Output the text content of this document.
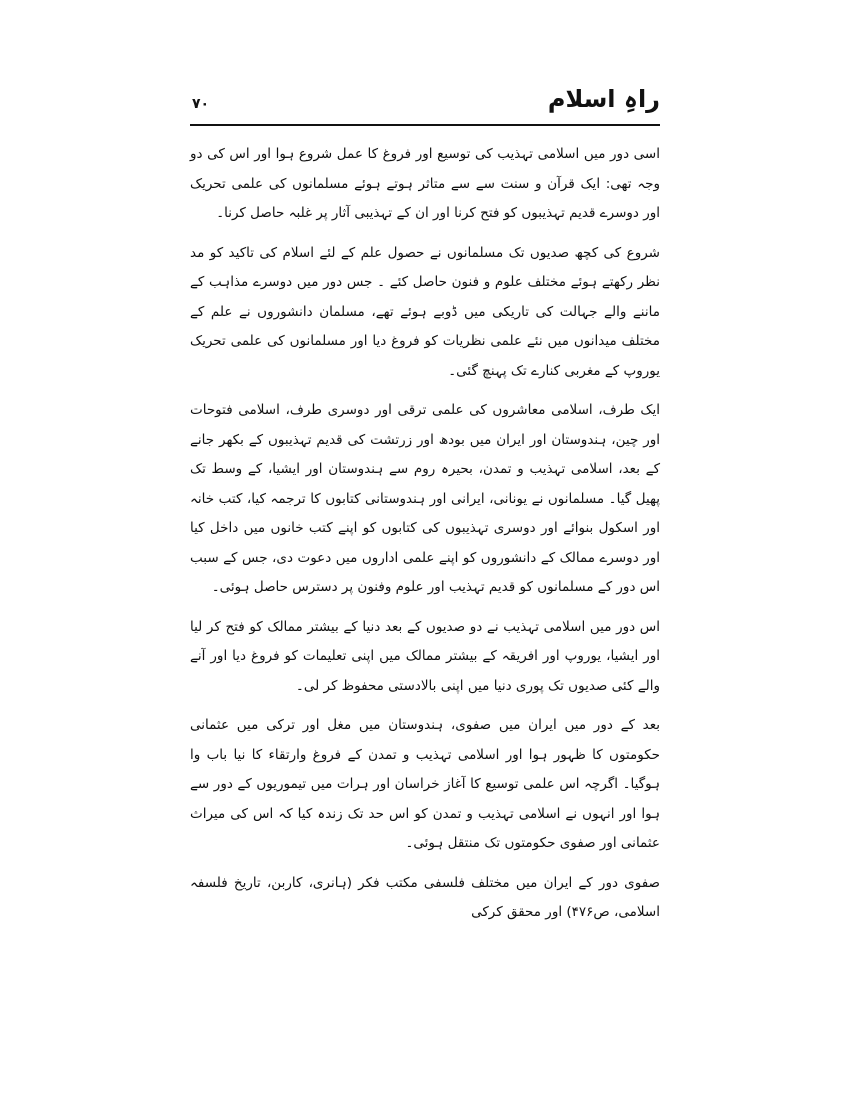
راہِ اسلام
۷۰

اسی دور میں اسلامی تہذیب کی توسیع اور فروغ کا عمل شروع ہوا اور اس کی دو وجہ تھی: ایک قرآن و سنت سے سے متاثر ہوتے ہوئے مسلمانوں کی علمی تحریک اور دوسرے قدیم تہذیبوں کو فتح کرنا اور ان کے تہذیبی آثار پر غلبہ حاصل کرنا۔

شروع کی کچھ صدیوں تک مسلمانوں نے حصول علم کے لئے اسلام کی تاکید کو مد نظر رکھتے ہوئے مختلف علوم و فنون حاصل کئے ۔ جس دور میں دوسرے مذاہب کے ماننے والے جہالت کی تاریکی میں ڈوبے ہوئے تھے، مسلمان دانشوروں نے علم کے مختلف میدانوں میں نئے علمی نظریات کو فروغ دیا اور مسلمانوں کی علمی تحریک یوروپ کے مغربی کنارے تک پہنچ گئی۔

ایک طرف، اسلامی معاشروں کی علمی ترقی اور دوسری طرف، اسلامی فتوحات اور چین، ہندوستان اور ایران میں بودھ اور زرتشت کی قدیم تہذیبوں کے بکھر جانے کے بعد، اسلامی تہذیب و تمدن، بحیرہ روم سے ہندوستان اور ایشیا، کے وسط تک پھیل گیا۔ مسلمانوں نے یونانی، ایرانی اور ہندوستانی کتابوں کا ترجمہ کیا، کتب خانہ اور اسکول بنوائے اور دوسری تہذیبوں کی کتابوں کو اپنے کتب خانوں میں داخل کیا اور دوسرے ممالک کے دانشوروں کو اپنے علمی اداروں میں دعوت دی، جس کے سبب اس دور کے مسلمانوں کو قدیم تہذیب اور علوم وفنون پر دسترس حاصل ہوئی۔

اس دور میں اسلامی تہذیب نے دو صدیوں کے بعد دنیا کے بیشتر ممالک کو فتح کر لیا اور ایشیا، یوروپ اور افریقہ کے بیشتر ممالک میں اپنی تعلیمات کو فروغ دیا اور آنے والے کئی صدیوں تک پوری دنیا میں اپنی بالادستی محفوظ کر لی۔

بعد کے دور میں ایران میں صفوی، ہندوستان میں مغل اور ترکی میں عثمانی حکومتوں کا ظہور ہوا اور اسلامی تہذیب و تمدن کے فروغ وارتقاء کا نیا باب وا ہوگیا۔ اگرچہ اس علمی توسیع کا آغاز خراسان اور ہرات میں تیموریوں کے دور سے ہوا اور انہوں نے اسلامی تہذیب و تمدن کو اس حد تک زندہ کیا کہ اس کی میراث عثمانی اور صفوی حکومتوں تک منتقل ہوئی۔

صفوی دور کے ایران میں مختلف فلسفی مکتب فکر (ہانری، کاربن، تاریخ فلسفہ اسلامی، ص۴۷۶) اور محقق کرکی
